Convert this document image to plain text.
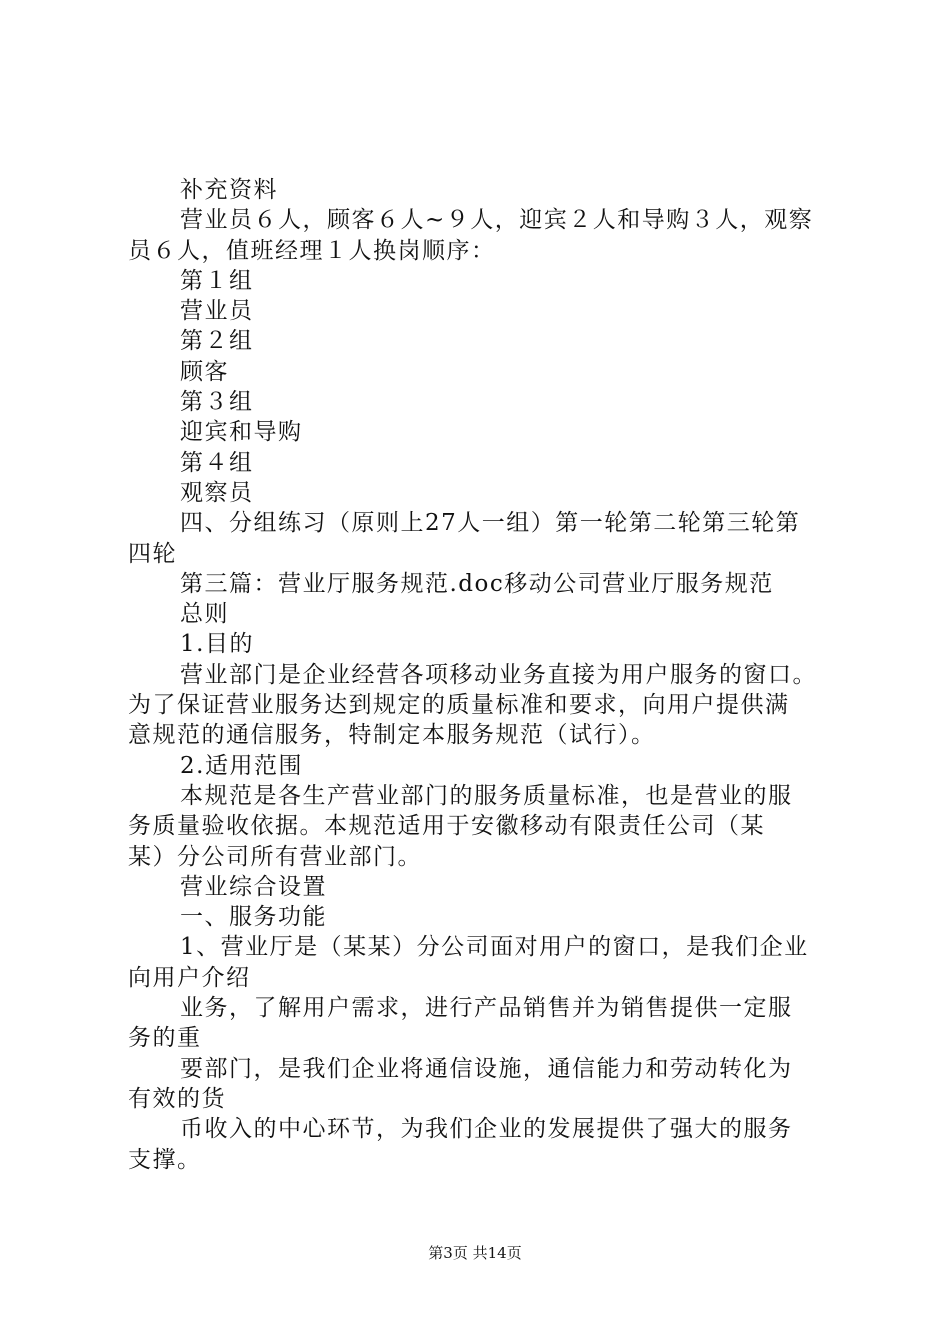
补充资料
营业员６人，顾客６人~９人，迎宾２人和导购３人，观察
员６人，值班经理１人换岗顺序：
第１组
营业员
第２组
顾客
第３组
迎宾和导购
第４组
观察员
四、分组练习（原则上27人一组）第一轮第二轮第三轮第
四轮
第三篇：营业厅服务规范.doc移动公司营业厅服务规范
总则
1.目的
营业部门是企业经营各项移动业务直接为用户服务的窗口。
为了保证营业服务达到规定的质量标准和要求，向用户提供满
意规范的通信服务，特制定本服务规范（试行）。
2.适用范围
本规范是各生产营业部门的服务质量标准，也是营业的服
务质量验收依据。本规范适用于安徽移动有限责任公司（某
某）分公司所有营业部门。
营业综合设置
一、服务功能
1、营业厅是（某某）分公司面对用户的窗口，是我们企业
向用户介绍
业务，了解用户需求，进行产品销售并为销售提供一定服
务的重
要部门，是我们企业将通信设施，通信能力和劳动转化为
有效的货
币收入的中心环节，为我们企业的发展提供了强大的服务
支撑。
第3页 共14页
